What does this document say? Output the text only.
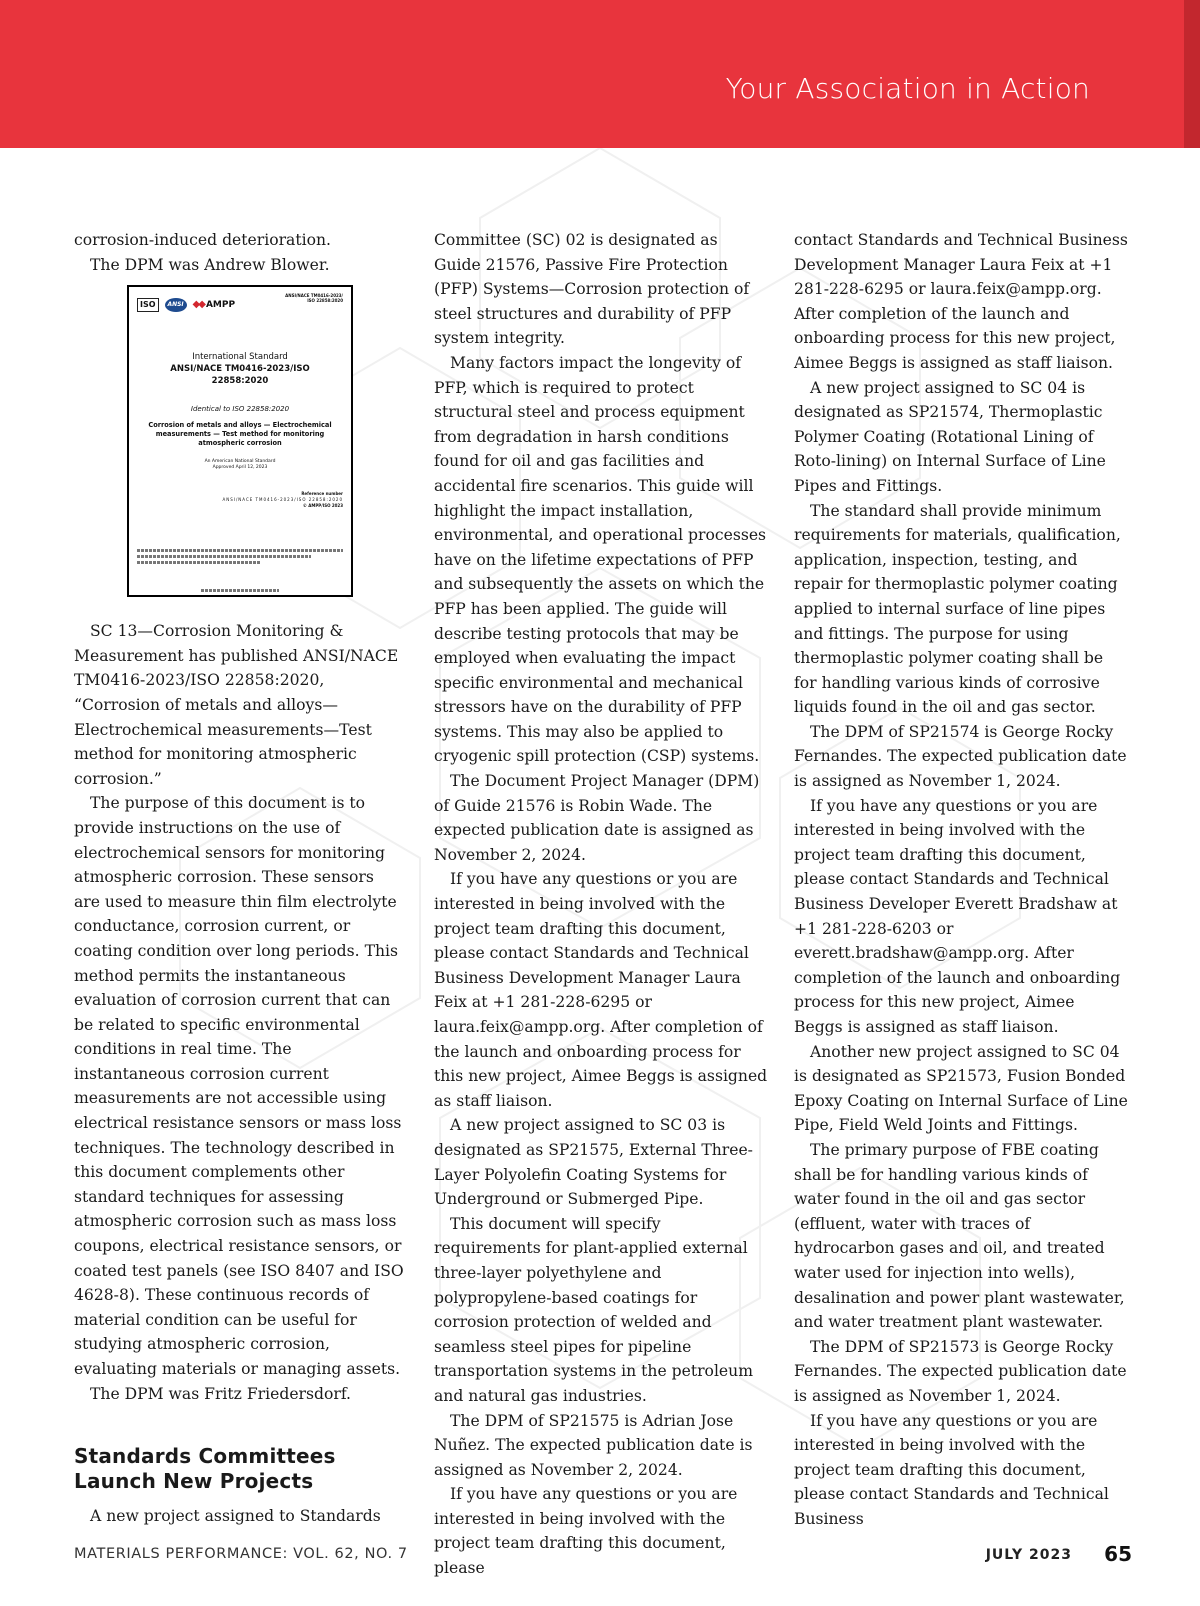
Your Association in Action

corrosion-induced deterioration.

The DPM was Andrew Blower.

ISO	ANSI ◆◆ AMPP
ANSI/NACE TM0416-2023/
ISO 22858:2020
International Standard
ANSI/NACE TM0416-2023/ISO
22858:2020
Identical to ISO 22858:2020
Corrosion of metals and alloys — Electrochemical
measurements — Test method for monitoring
atmospheric corrosion
An American National Standard
Approved April 12, 2023
Reference number
ANSI/NACE TM0416-2023/ISO 22858:2020
© AMPP/ISO 2023

SC 13—Corrosion Monitoring & Measurement has published ANSI/NACE TM0416-2023/ISO 22858:2020, “Corrosion of metals and alloys—Electrochemical measurements—Test method for monitoring atmospheric corrosion.”

The purpose of this document is to provide instructions on the use of electrochemical sensors for monitoring atmospheric corrosion. These sensors are used to measure thin film electrolyte conductance, corrosion current, or coating condition over long periods. This method permits the instantaneous evaluation of corrosion current that can be related to specific environmental conditions in real time. The instantaneous corrosion current measurements are not accessible using electrical resistance sensors or mass loss techniques. The technology described in this document complements other standard techniques for assessing atmospheric corrosion such as mass loss coupons, electrical resistance sensors, or coated test panels (see ISO 8407 and ISO 4628-8). These continuous records of material condition can be useful for studying atmospheric corrosion, evaluating materials or managing assets.

The DPM was Fritz Friedersdorf.

Standards Committees Launch New Projects

A new project assigned to Standards

Committee (SC) 02 is designated as Guide 21576, Passive Fire Protection (PFP) Systems—Corrosion protection of steel structures and durability of PFP system integrity.

Many factors impact the longevity of PFP, which is required to protect structural steel and process equipment from degradation in harsh conditions found for oil and gas facilities and accidental fire scenarios. This guide will highlight the impact installation, environmental, and operational processes have on the lifetime expectations of PFP and subsequently the assets on which the PFP has been applied. The guide will describe testing protocols that may be employed when evaluating the impact specific environmental and mechanical stressors have on the durability of PFP systems. This may also be applied to cryogenic spill protection (CSP) systems.

The Document Project Manager (DPM) of Guide 21576 is Robin Wade. The expected publication date is assigned as November 2, 2024.

If you have any questions or you are interested in being involved with the project team drafting this document, please contact Standards and Technical Business Development Manager Laura Feix at +1 281-228-6295 or laura.feix@ampp.org. After completion of the launch and onboarding process for this new project, Aimee Beggs is assigned as staff liaison.

A new project assigned to SC 03 is designated as SP21575, External Three-Layer Polyolefin Coating Systems for Underground or Submerged Pipe.

This document will specify requirements for plant-applied external three-layer polyethylene and polypropylene-based coatings for corrosion protection of welded and seamless steel pipes for pipeline transportation systems in the petroleum and natural gas industries.

The DPM of SP21575 is Adrian Jose Nuñez. The expected publication date is assigned as November 2, 2024.

If you have any questions or you are interested in being involved with the project team drafting this document, please

contact Standards and Technical Business Development Manager Laura Feix at +1 281-228-6295 or laura.feix@ampp.org. After completion of the launch and onboarding process for this new project, Aimee Beggs is assigned as staff liaison.

A new project assigned to SC 04 is designated as SP21574, Thermoplastic Polymer Coating (Rotational Lining of Roto-lining) on Internal Surface of Line Pipes and Fittings.

The standard shall provide minimum requirements for materials, qualification, application, inspection, testing, and repair for thermoplastic polymer coating applied to internal surface of line pipes and fittings. The purpose for using thermoplastic polymer coating shall be for handling various kinds of corrosive liquids found in the oil and gas sector.

The DPM of SP21574 is George Rocky Fernandes. The expected publication date is assigned as November 1, 2024.

If you have any questions or you are interested in being involved with the project team drafting this document, please contact Standards and Technical Business Developer Everett Bradshaw at +1 281-228-6203 or everett.bradshaw@ampp.org. After completion of the launch and onboarding process for this new project, Aimee Beggs is assigned as staff liaison.

Another new project assigned to SC 04 is designated as SP21573, Fusion Bonded Epoxy Coating on Internal Surface of Line Pipe, Field Weld Joints and Fittings.

The primary purpose of FBE coating shall be for handling various kinds of water found in the oil and gas sector (effluent, water with traces of hydrocarbon gases and oil, and treated water used for injection into wells), desalination and power plant wastewater, and water treatment plant wastewater.

The DPM of SP21573 is George Rocky Fernandes. The expected publication date is assigned as November 1, 2024.

If you have any questions or you are interested in being involved with the project team drafting this document, please contact Standards and Technical Business

MATERIALS PERFORMANCE: VOL. 62, NO. 7	JULY 2023 65
